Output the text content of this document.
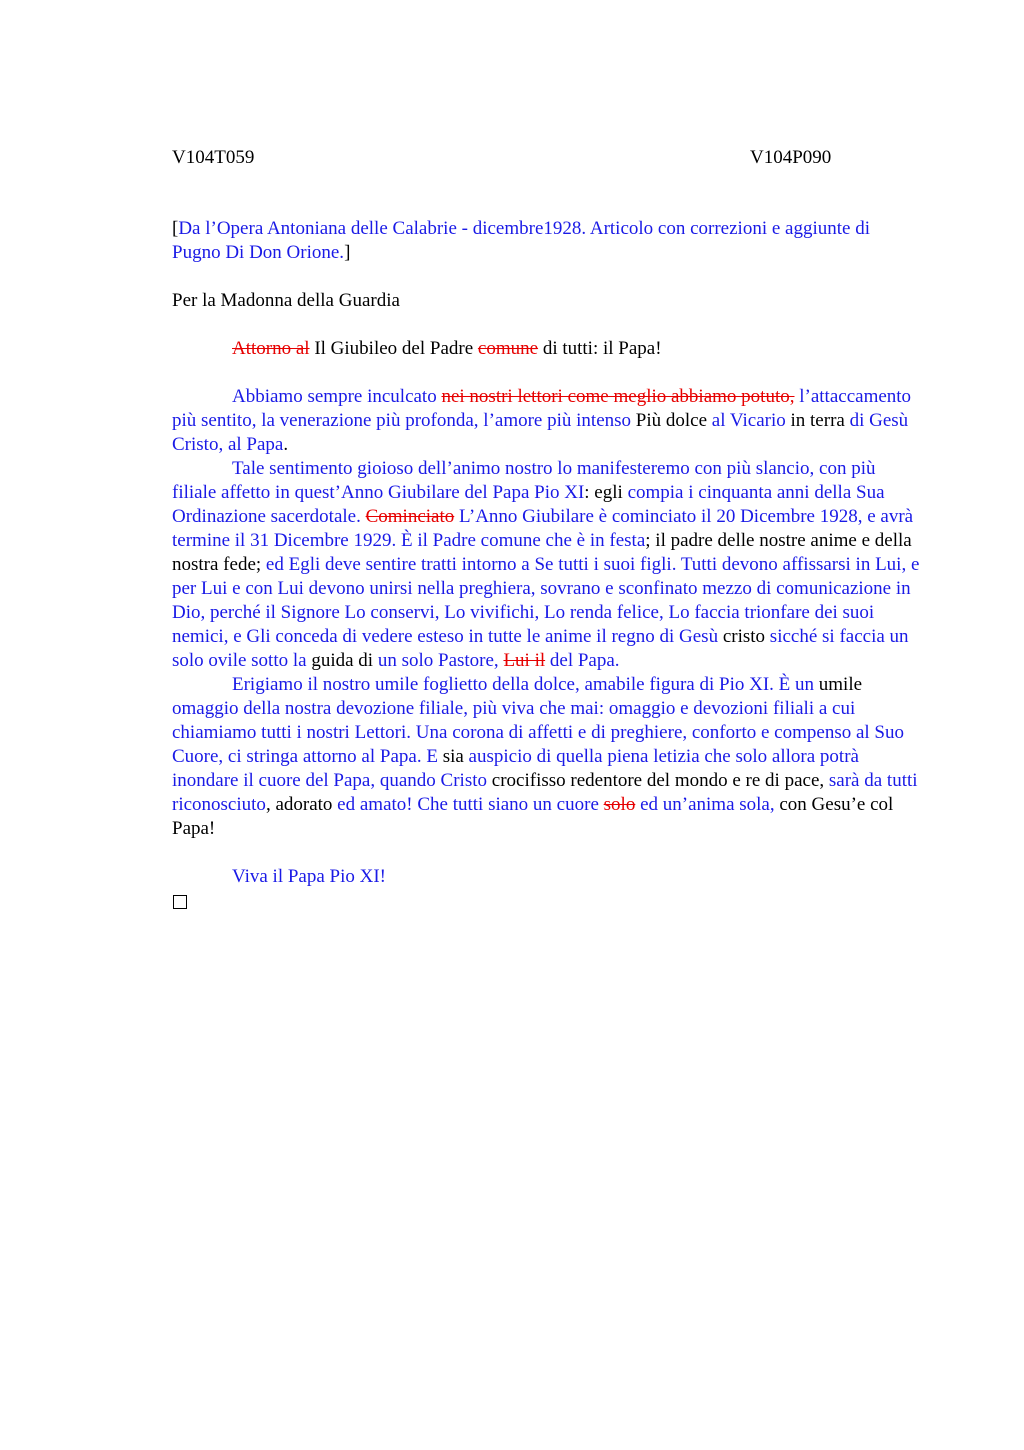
V104T059	V104P090

[Da l’Opera Antoniana delle Calabrie - dicembre1928. Articolo con correzioni e aggiunte di Pugno Di Don Orione.]

Per la Madonna della Guardia

Attorno al Il Giubileo del Padre comune di tutti: il Papa!

Abbiamo sempre inculcato nei nostri lettori come meglio abbiamo potuto, l’attaccamento più sentito, la venerazione più profonda, l’amore più intenso Più dolce al Vicario in terra di Gesù Cristo, al Papa.

Tale sentimento gioioso dell’animo nostro lo manifesteremo con più slancio, con più filiale affetto in quest’Anno Giubilare del Papa Pio XI: egli compia i cinquanta anni della Sua Ordinazione sacerdotale. Cominciato L’Anno Giubilare è cominciato il 20 Dicembre 1928, e avrà termine il 31 Dicembre 1929. È il Padre comune che è in festa; il padre delle nostre anime e della nostra fede; ed Egli deve sentire tratti intorno a Se tutti i suoi figli. Tutti devono affissarsi in Lui, e per Lui e con Lui devono unirsi nella preghiera, sovrano e sconfinato mezzo di comunicazione in Dio, perché il Signore Lo conservi, Lo vivifichi, Lo renda felice, Lo faccia trionfare dei suoi nemici, e Gli conceda di vedere esteso in tutte le anime il regno di Gesù cristo sicché si faccia un solo ovile sotto la guida di un solo Pastore, Lui il del Papa.

Erigiamo il nostro umile foglietto della dolce, amabile figura di Pio XI. È un umile omaggio della nostra devozione filiale, più viva che mai: omaggio e devozioni filiali a cui chiamiamo tutti i nostri Lettori. Una corona di affetti e di preghiere, conforto e compenso al Suo Cuore, ci stringa attorno al Papa. E sia auspicio di quella piena letizia che solo allora potrà inondare il cuore del Papa, quando Cristo crocifisso redentore del mondo e re di pace, sarà da tutti riconosciuto, adorato ed amato! Che tutti siano un cuore solo ed un’anima sola, con Gesu’e col Papa!

Viva il Papa Pio XI!
